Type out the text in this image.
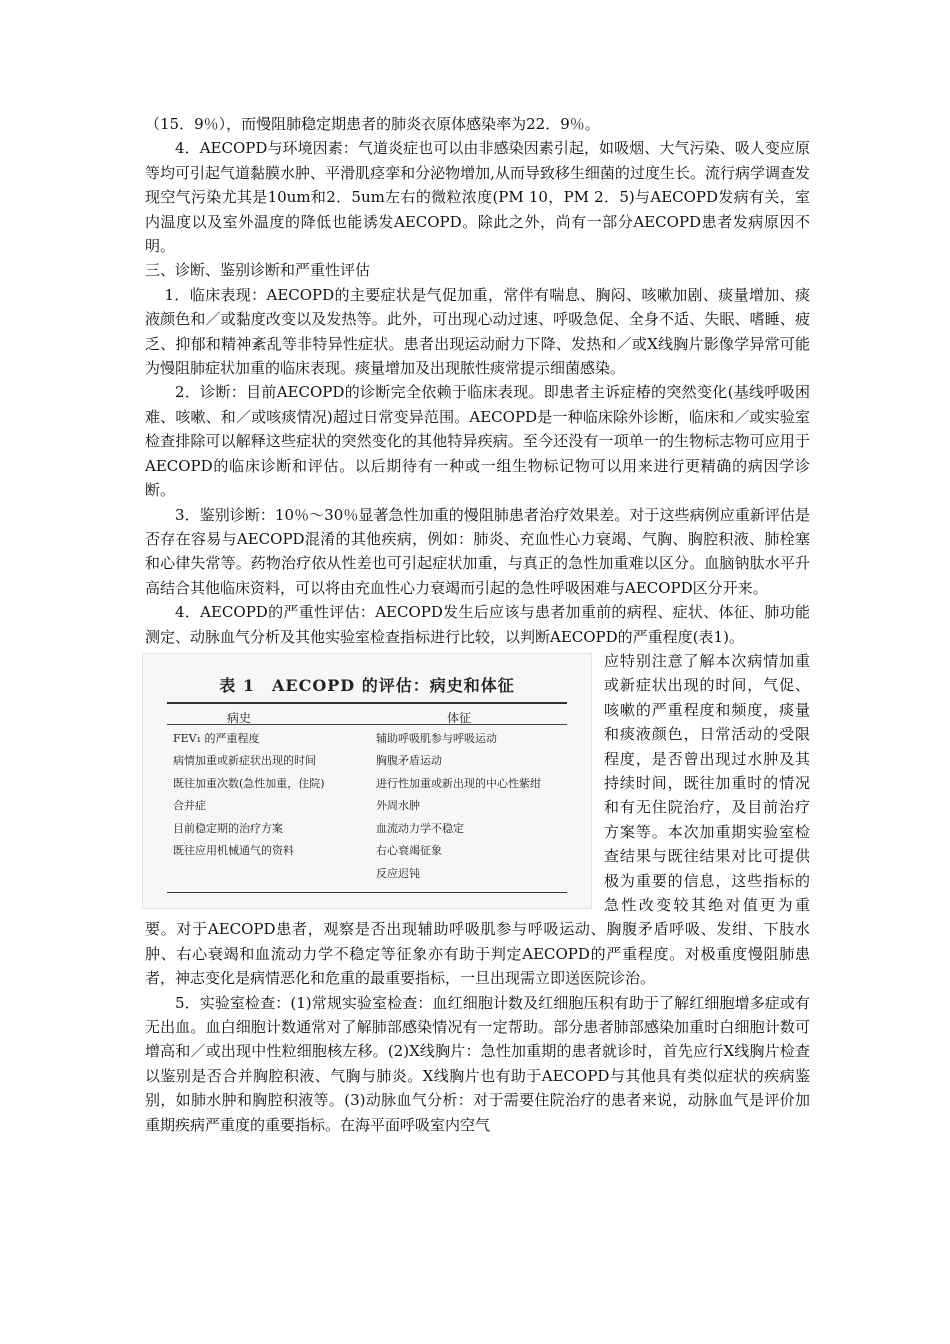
（15．9％），而慢阻肺稳定期患者的肺炎衣原体感染率为22．9％。

4．AECOPD与环境因素：气道炎症也可以由非感染因素引起，如吸烟、大气污染、吸人变应原等均可引起气道黏膜水肿、平滑肌痉挛和分泌物增加,从而导致移生细菌的过度生长。流行病学调查发现空气污染尤其是10um和2．5um左右的微粒浓度(PM 10，PM 2．5)与AECOPD发病有关，室内温度以及室外温度的降低也能诱发AECOPD。除此之外，尚有一部分AECOPD患者发病原因不明。

三、诊断、鉴别诊断和严重性评估

1．临床表现：AECOPD的主要症状是气促加重，常伴有喘息、胸闷、咳嗽加剧、痰量增加、痰液颜色和／或黏度改变以及发热等。此外，可出现心动过速、呼吸急促、全身不适、失眠、嗜睡、疲乏、抑郁和精神紊乱等非特异性症状。患者出现运动耐力下降、发热和／或X线胸片影像学异常可能为慢阻肺症状加重的临床表现。痰量增加及出现脓性痰常提示细菌感染。

2．诊断：目前AECOPD的诊断完全依赖于临床表现。即患者主诉症椿的突然变化(基线呼吸困难、咳嗽、和／或咳痰情况)超过日常变异范围。AECOPD是一种临床除外诊断，临床和／或实验室检查排除可以解释这些症状的突然变化的其他特异疾病。至今还没有一项单一的生物标志物可应用于AECOPD的临床诊断和评估。以后期待有一种或一组生物标记物可以用来进行更精确的病因学诊断。

3．鉴别诊断：10％～30％显著急性加重的慢阻肺患者治疗效果差。对于这些病例应重新评估是否存在容易与AECOPD混淆的其他疾病，例如：肺炎、充血性心力衰竭、气胸、胸腔积液、肺栓塞和心律失常等。药物治疗依从性差也可引起症状加重，与真正的急性加重难以区分。血脑钠肽水平升高结合其他临床资料，可以将由充血性心力衰竭而引起的急性呼吸困难与AECOPD区分开来。

4．AECOPD的严重性评估：AECOPD发生后应该与患者加重前的病程、症状、体征、肺功能测定、动脉血气分析及其他实验室检查指标进行比较，以判断AECOPD的严重程度(表1)。

表 1　AECOPD 的评估：病史和体征
病史	体征
FEV₁ 的严重程度
病情加重或新症状出现的时间
既往加重次数(急性加重，住院)
合并症
目前稳定期的治疗方案
既往应用机械通气的资料
辅助呼吸肌参与呼吸运动
胸腹矛盾运动
进行性加重或新出现的中心性紫绀
外周水肿
血流动力学不稳定
右心衰竭征象
反应迟钝

应特别注意了解本次病情加重或新症状出现的时间，气促、咳嗽的严重程度和频度，痰量和痰液颜色，日常活动的受限程度，是否曾出现过水肿及其持续时间，既往加重时的情况和有无住院治疗，及目前治疗方案等。本次加重期实验室检查结果与既往结果对比可提供极为重要的信息，这些指标的急性改变较其绝对值更为重要。对于AECOPD患者，观察是否出现辅助呼吸肌参与呼吸运动、胸腹矛盾呼吸、发绀、下肢水肿、右心衰竭和血流动力学不稳定等征象亦有助于判定AECOPD的严重程度。对极重度慢阻肺患者，神志变化是病情恶化和危重的最重要指标，一旦出现需立即送医院诊治。

5．实验室检查：(1)常规实验室检查：血红细胞计数及红细胞压积有助于了解红细胞增多症或有无出血。血白细胞计数通常对了解肺部感染情况有一定帮助。部分患者肺部感染加重时白细胞计数可增高和／或出现中性粒细胞核左移。(2)X线胸片：急性加重期的患者就诊时，首先应行X线胸片检查以鉴别是否合并胸腔积液、气胸与肺炎。X线胸片也有助于AECOPD与其他具有类似症状的疾病鉴别，如肺水肿和胸腔积液等。(3)动脉血气分析：对于需要住院治疗的患者来说，动脉血气是评价加重期疾病严重度的重要指标。在海平面呼吸室内空气
